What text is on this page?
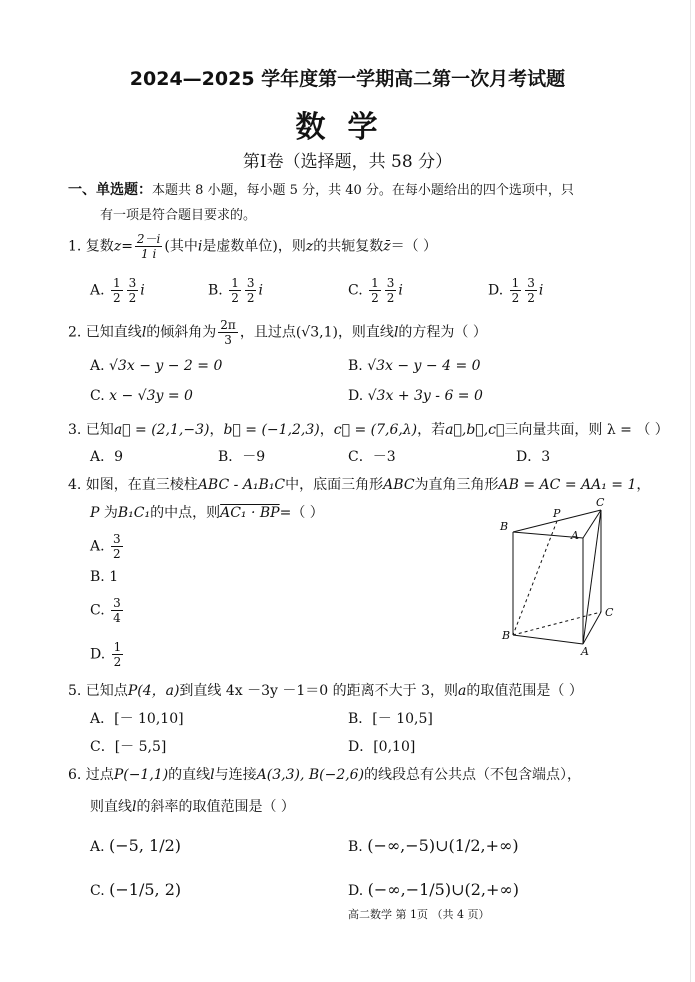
2024—2025 学年度第一学期高二第一次月考试题
数学
第Ⅰ卷（选择题，共 58 分）
一、单选题：本题共 8 小题，每小题 5 分，共 40 分。在每小题给出的四个选项中，只
有一项是符合题目要求的。
1. 复数$z= \frac{2-i}{1 i}$ (其中i是虚数单位)，则z的共轭复数z̄＝（ ）
A. $\frac{1}{2} \frac{3}{2}$ i	B. $\frac{1}{2} \frac{3}{2}$ i	C. $\frac{1}{2} \frac{3}{2}$ i	D. $\frac{1}{2} \frac{3}{2}$ i
2. 已知直线l的倾斜角为 $\frac{2\pi}{3}$ ，且过点(√3,1)，则直线l的方程为（ ）
A. √3x − y − 2 = 0	B. √3x − y − 4 = 0
C. x − √3y = 0	D. √3x + 3y - 6 = 0
3. 已知a⃗ = (2,1,−3)，b⃗ = (−1,2,3)，c⃗ = (7,6,λ)，若a⃗,b⃗,c⃗三向量共面，则 λ = （ ）
A．9	B．－9	C．－3	D．3
4. 如图，在直三棱柱ABC - A₁B₁C中，底面三角形ABC为直角三角形AB = AC = AA₁ = 1，
P 为B₁C₁的中点，则AC₁ · BP=（ ）
A. $\frac{3}{2}$
B. 1
C. $\frac{3}{4}$
D. $\frac{1}{2}$
B
P
A
C
B
C
A
5. 已知点P(4，a)到直线 4x －3y －1＝0 的距离不大于 3，则a的取值范围是（ ）
A．[－ 10,10]	B．[－ 10,5]
C．[－ 5,5]	D．[0,10]
6. 过点P(−1,1)的直线l与连接A(3,3), B(−2,6)的线段总有公共点（不包含端点），
则直线l的斜率的取值范围是（ ）
A. (−5, 1/2)	B. (−∞,−5)∪(1/2,+∞)
C. (−1/5, 2)	D. (−∞,−1/5)∪(2,+∞)
高二数学 第 1页 （共 4 页）
